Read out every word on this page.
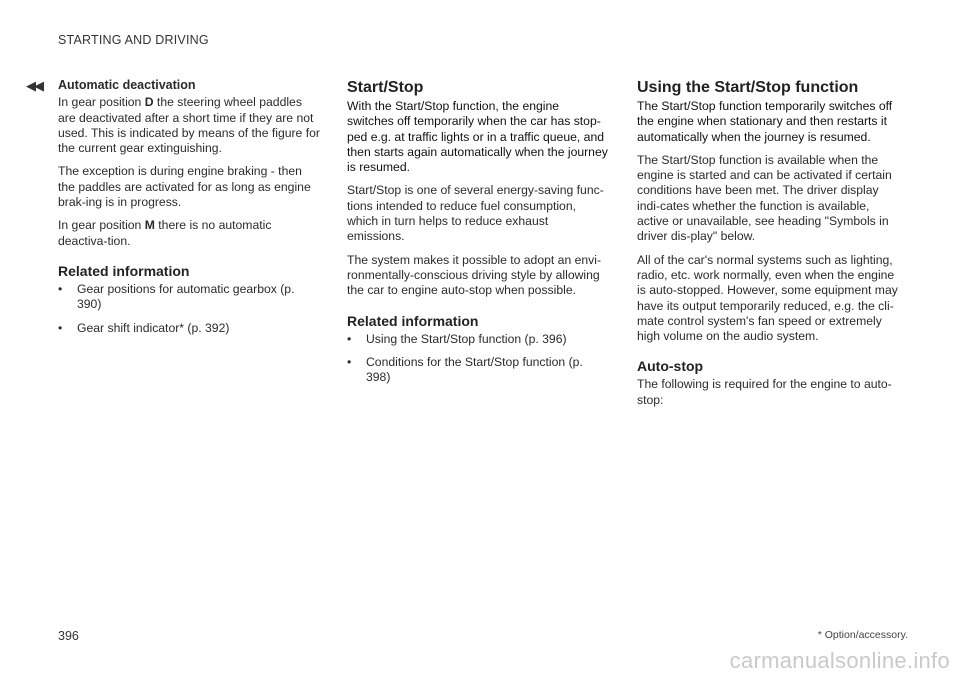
STARTING AND DRIVING
◀◀ Automatic deactivation

In gear position D the steering wheel paddles are deactivated after a short time if they are not used. This is indicated by means of the figure for the current gear extinguishing.

The exception is during engine braking - then the paddles are activated for as long as engine brak-ing is in progress.

In gear position M there is no automatic deactiva-tion.

Related information
• Gear positions for automatic gearbox (p. 390)
• Gear shift indicator* (p. 392)
Start/Stop

With the Start/Stop function, the engine switches off temporarily when the car has stop-ped e.g. at traffic lights or in a traffic queue, and then starts again automatically when the journey is resumed.

Start/Stop is one of several energy-saving func-tions intended to reduce fuel consumption, which in turn helps to reduce exhaust emissions.

The system makes it possible to adopt an envi-ronmentally-conscious driving style by allowing the car to engine auto-stop when possible.

Related information
• Using the Start/Stop function (p. 396)
• Conditions for the Start/Stop function (p. 398)
Using the Start/Stop function

The Start/Stop function temporarily switches off the engine when stationary and then restarts it automatically when the journey is resumed.

The Start/Stop function is available when the engine is started and can be activated if certain conditions have been met. The driver display indi-cates whether the function is available, active or unavailable, see heading "Symbols in driver dis-play" below.

All of the car's normal systems such as lighting, radio, etc. work normally, even when the engine is auto-stopped. However, some equipment may have its output temporarily reduced, e.g. the cli-mate control system's fan speed or extremely high volume on the audio system.

Auto-stop

The following is required for the engine to auto-stop:

396	* Option/accessory.
carmanualsonline.info
